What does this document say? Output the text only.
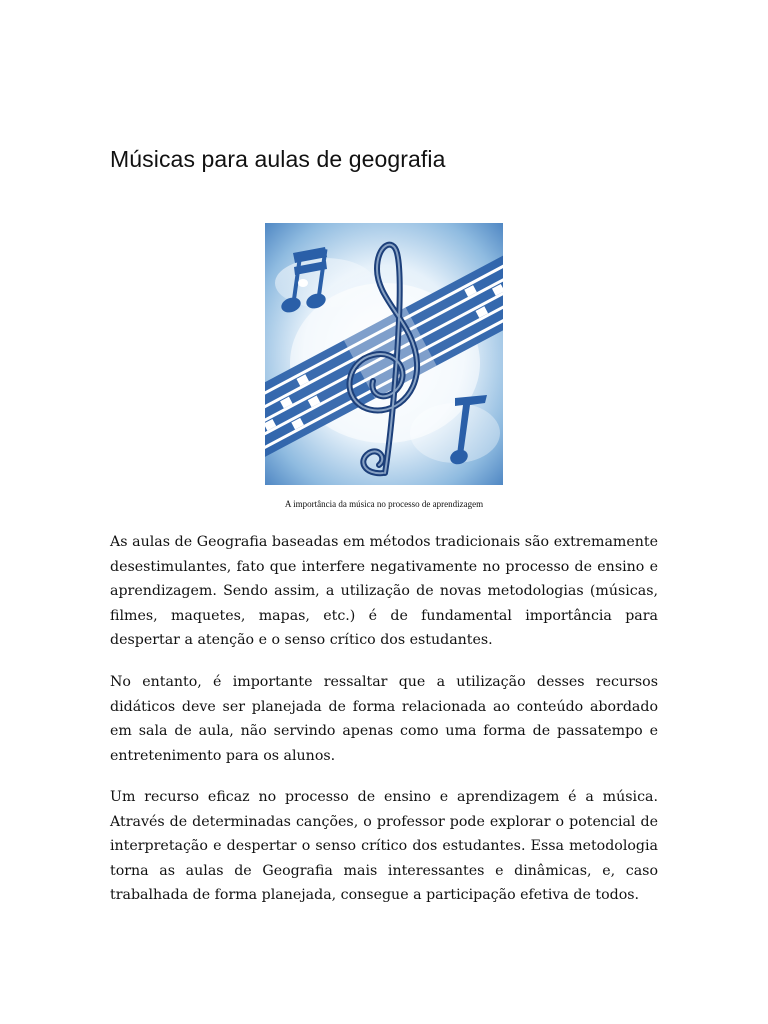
Músicas para aulas de geografia

A importância da música no processo de aprendizagem

As aulas de Geografia baseadas em métodos tradicionais são extremamente desestimulantes, fato que interfere negativamente no processo de ensino e aprendizagem. Sendo assim, a utilização de novas metodologias (músicas, filmes, maquetes, mapas, etc.) é de fundamental importância para despertar a atenção e o senso crítico dos estudantes.

No entanto, é importante ressaltar que a utilização desses recursos didáticos deve ser planejada de forma relacionada ao conteúdo abordado em sala de aula, não servindo apenas como uma forma de passatempo e entretenimento para os alunos.

Um recurso eficaz no processo de ensino e aprendizagem é a música. Através de determinadas canções, o professor pode explorar o potencial de interpretação e despertar o senso crítico dos estudantes. Essa metodologia torna as aulas de Geografia mais interessantes e dinâmicas, e, caso trabalhada de forma planejada, consegue a participação efetiva de todos.
